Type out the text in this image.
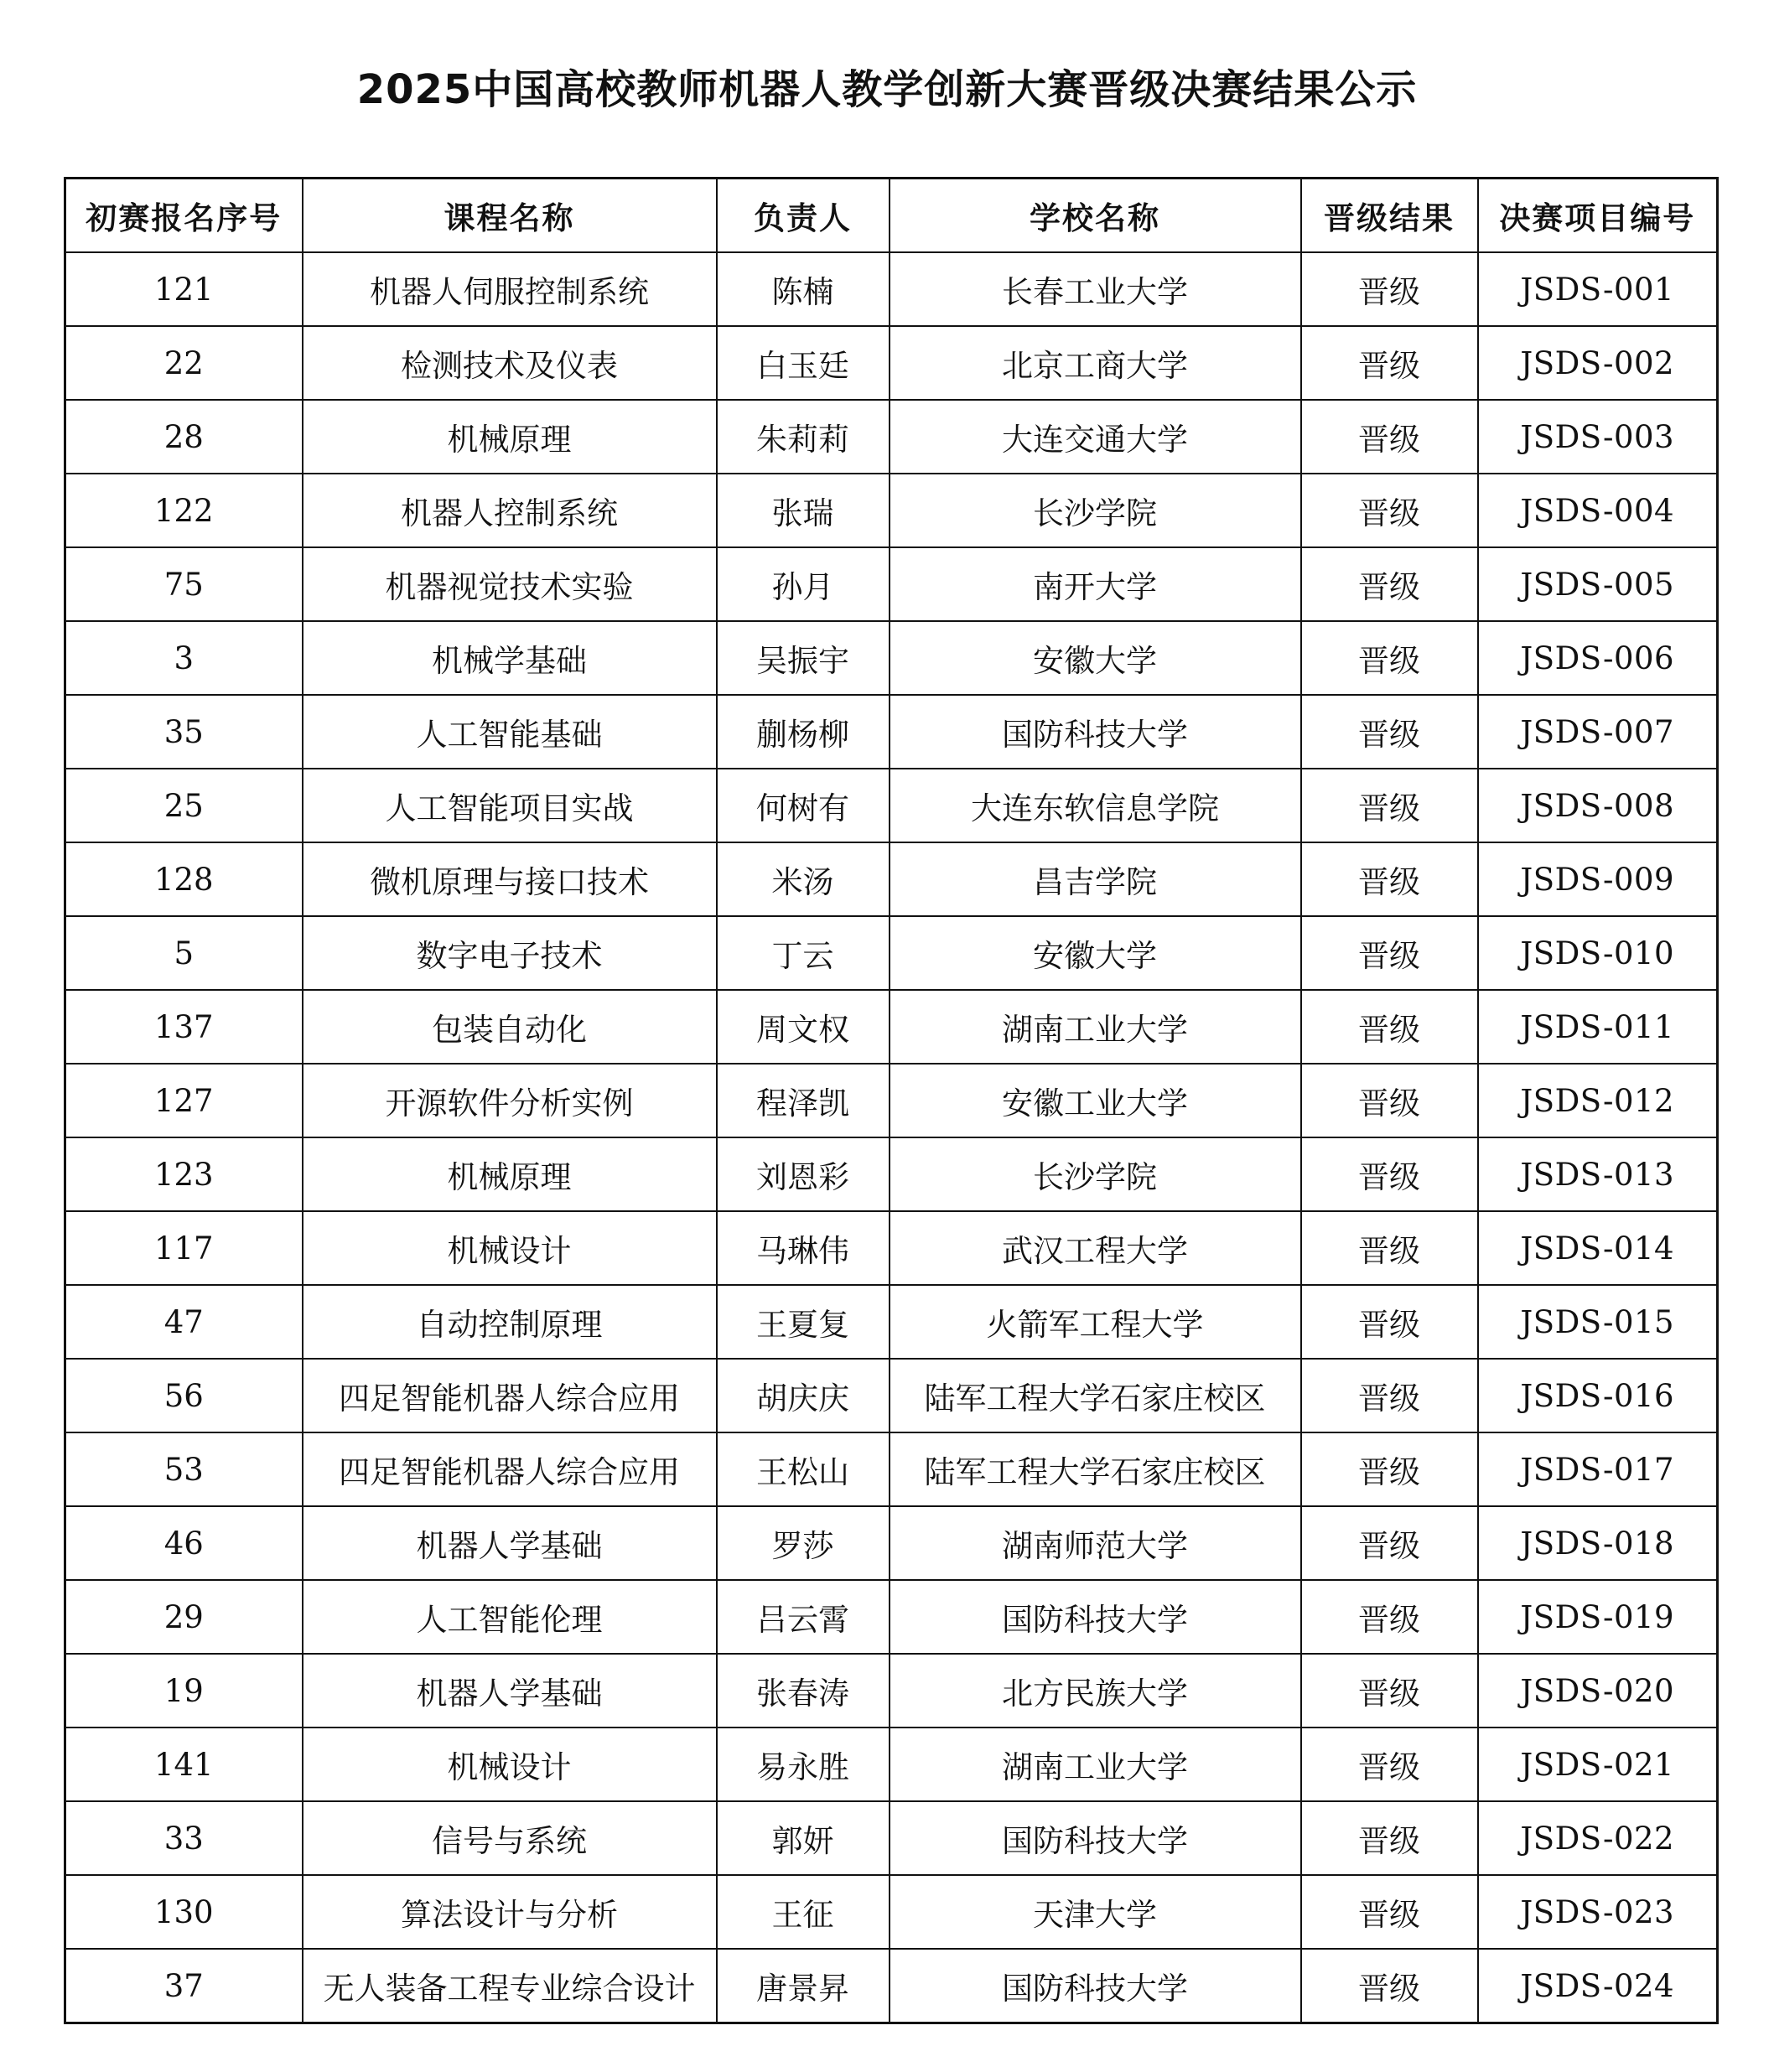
2025中国高校教师机器人教学创新大赛晋级决赛结果公示
初赛报名序号	课程名称	负责人	学校名称	晋级结果	决赛项目编号
121	机器人伺服控制系统	陈楠	长春工业大学	晋级	JSDS-001
22	检测技术及仪表	白玉廷	北京工商大学	晋级	JSDS-002
28	机械原理	朱莉莉	大连交通大学	晋级	JSDS-003
122	机器人控制系统	张瑞	长沙学院	晋级	JSDS-004
75	机器视觉技术实验	孙月	南开大学	晋级	JSDS-005
3	机械学基础	吴振宇	安徽大学	晋级	JSDS-006
35	人工智能基础	蒯杨柳	国防科技大学	晋级	JSDS-007
25	人工智能项目实战	何树有	大连东软信息学院	晋级	JSDS-008
128	微机原理与接口技术	米汤	昌吉学院	晋级	JSDS-009
5	数字电子技术	丁云	安徽大学	晋级	JSDS-010
137	包装自动化	周文权	湖南工业大学	晋级	JSDS-011
127	开源软件分析实例	程泽凯	安徽工业大学	晋级	JSDS-012
123	机械原理	刘恩彩	长沙学院	晋级	JSDS-013
117	机械设计	马琳伟	武汉工程大学	晋级	JSDS-014
47	自动控制原理	王夏复	火箭军工程大学	晋级	JSDS-015
56	四足智能机器人综合应用	胡庆庆	陆军工程大学石家庄校区	晋级	JSDS-016
53	四足智能机器人综合应用	王松山	陆军工程大学石家庄校区	晋级	JSDS-017
46	机器人学基础	罗莎	湖南师范大学	晋级	JSDS-018
29	人工智能伦理	吕云霄	国防科技大学	晋级	JSDS-019
19	机器人学基础	张春涛	北方民族大学	晋级	JSDS-020
141	机械设计	易永胜	湖南工业大学	晋级	JSDS-021
33	信号与系统	郭妍	国防科技大学	晋级	JSDS-022
130	算法设计与分析	王征	天津大学	晋级	JSDS-023
37	无人装备工程专业综合设计	唐景昇	国防科技大学	晋级	JSDS-024
